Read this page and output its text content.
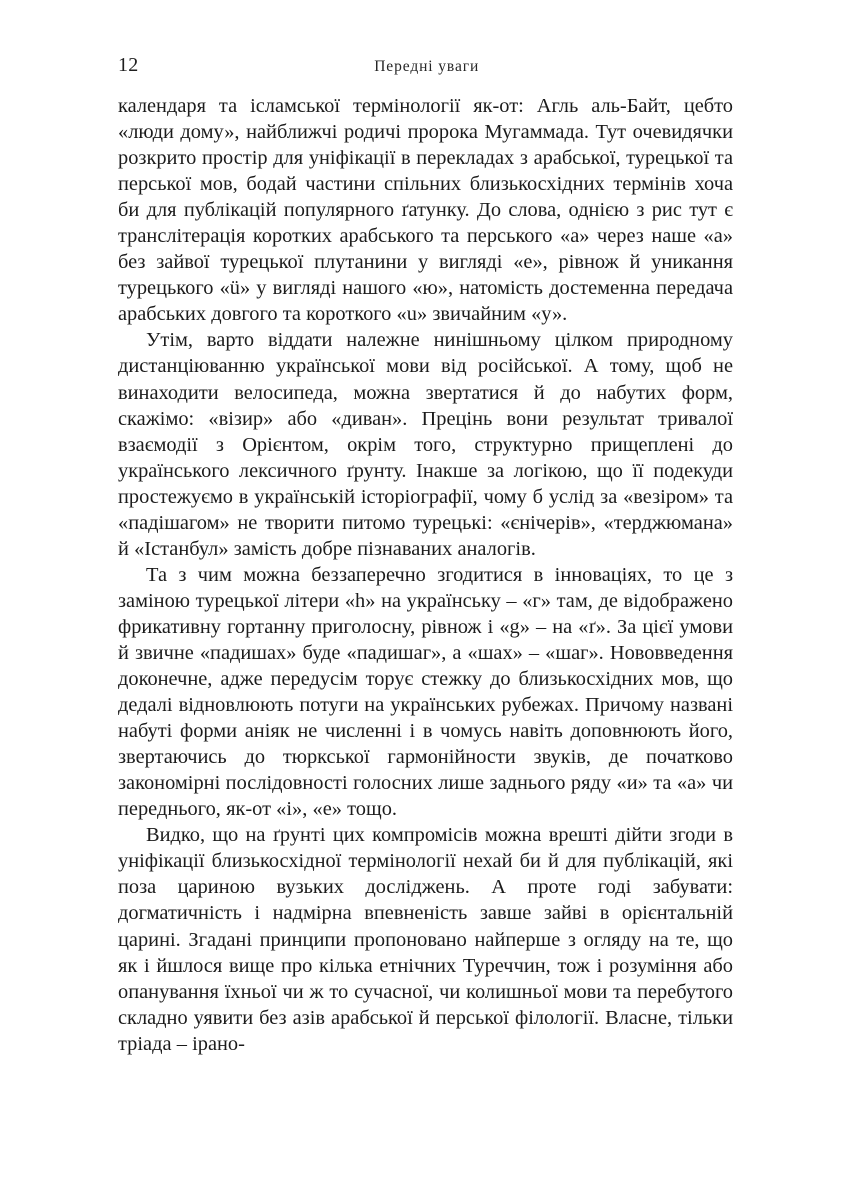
12	Передні уваги

календаря та ісламської термінології як-от: Агль аль-Байт, цебто «люди дому», найближчі родичі пророка Мугаммада. Тут очевидячки розкрито простір для уніфікації в перекладах з арабської, турецької та перської мов, бодай частини спільних близькосхідних термінів хоча би для публікацій популярного ґатунку. До слова, однією з рис тут є транслітерація коротких арабського та перського «а» через наше «а» без зайвої турецької плутанини у вигляді «е», рівнож й уникання турецького «ü» у вигляді нашого «ю», натомість достеменна передача арабських довгого та короткого «u» звичайним «у».

Утім, варто віддати належне нинішньому цілком природному дистанціюванню української мови від російської. А тому, щоб не винаходити велосипеда, можна звертатися й до набутих форм, скажімо: «візир» або «диван». Прецінь вони результат тривалої взаємодії з Орієнтом, окрім того, структурно прищеплені до українського лексичного ґрунту. Інакше за логікою, що її подекуди простежуємо в українській історіографії, чому б услід за «везіром» та «падішагом» не творити питомо турецькі: «єнічерів», «терджюмана» й «Істанбул» замість добре пізнаваних аналогів.

Та з чим можна беззаперечно згодитися в інноваціях, то це з заміною турецької літери «h» на українську – «г» там, де відображено фрикативну гортанну приголосну, рівнож і «g» – на «ґ». За цієї умови й звичне «падишах» буде «падишаг», а «шах» – «шаг». Нововведення доконечне, адже передусім торує стежку до близькосхідних мов, що дедалі відновлюють потуги на українських рубежах. Причому названі набуті форми аніяк не численні і в чомусь навіть доповнюють його, звертаючись до тюркської гармонійности звуків, де початково закономірні послідовності голосних лише заднього ряду «и» та «а» чи переднього, як-от «і», «е» тощо.

Видко, що на ґрунті цих компромісів можна врешті дійти згоди в уніфікації близькосхідної термінології нехай би й для публікацій, які поза цариною вузьких досліджень. А проте годі забувати: догматичність і надмірна впевненість завше зайві в орієнтальній царині. Згадані принципи пропоновано найперше з огляду на те, що як і йшлося вище про кілька етнічних Туреччин, тож і розуміння або опанування їхньої чи ж то сучасної, чи колишньої мови та перебутого складно уявити без азів арабської й перської філології. Власне, тільки тріада – ірано-
